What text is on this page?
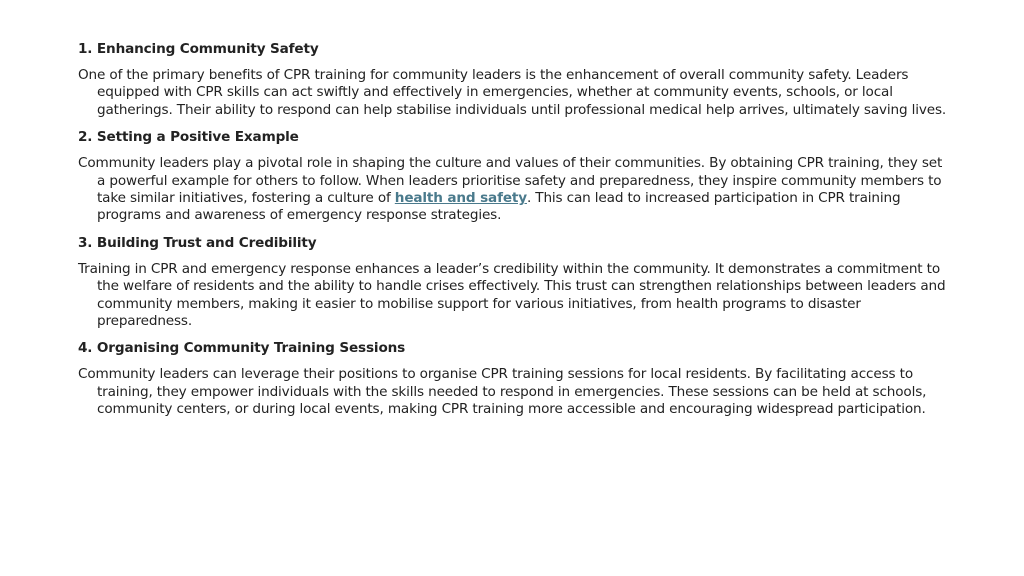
1. Enhancing Community Safety
One of the primary benefits of CPR training for community leaders is the enhancement of overall community safety. Leaders equipped with CPR skills can act swiftly and effectively in emergencies, whether at community events, schools, or local gatherings. Their ability to respond can help stabilise individuals until professional medical help arrives, ultimately saving lives.
2. Setting a Positive Example
Community leaders play a pivotal role in shaping the culture and values of their communities. By obtaining CPR training, they set a powerful example for others to follow. When leaders prioritise safety and preparedness, they inspire community members to take similar initiatives, fostering a culture of health and safety. This can lead to increased participation in CPR training programs and awareness of emergency response strategies.
3. Building Trust and Credibility
Training in CPR and emergency response enhances a leader’s credibility within the community. It demonstrates a commitment to the welfare of residents and the ability to handle crises effectively. This trust can strengthen relationships between leaders and community members, making it easier to mobilise support for various initiatives, from health programs to disaster preparedness.
4. Organising Community Training Sessions
Community leaders can leverage their positions to organise CPR training sessions for local residents. By facilitating access to training, they empower individuals with the skills needed to respond in emergencies. These sessions can be held at schools, community centers, or during local events, making CPR training more accessible and encouraging widespread participation.
